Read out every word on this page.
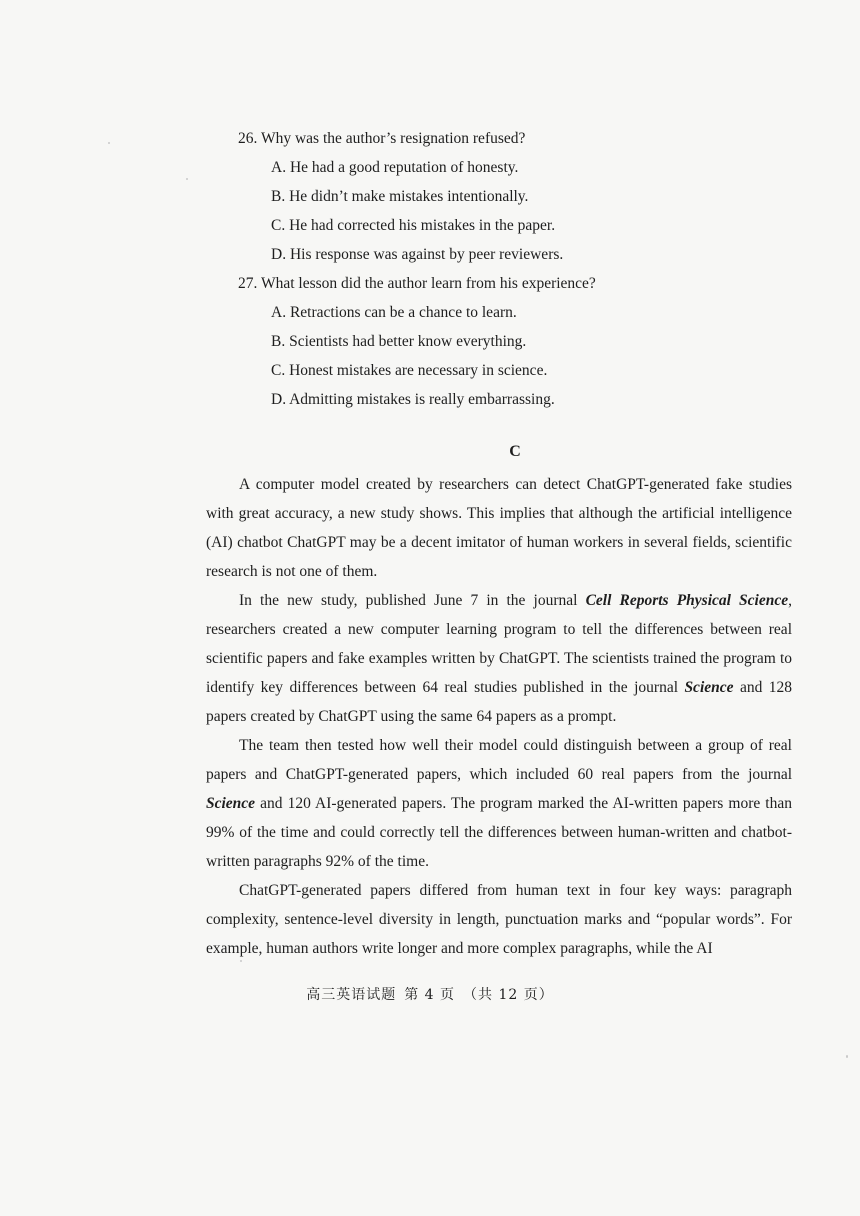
26. Why was the author’s resignation refused?
A. He had a good reputation of honesty.
B. He didn’t make mistakes intentionally.
C. He had corrected his mistakes in the paper.
D. His response was against by peer reviewers.
27. What lesson did the author learn from his experience?
A. Retractions can be a chance to learn.
B. Scientists had better know everything.
C. Honest mistakes are necessary in science.
D. Admitting mistakes is really embarrassing.
C

A computer model created by researchers can detect ChatGPT-generated fake studies with great accuracy, a new study shows. This implies that although the artificial intelligence (AI) chatbot ChatGPT may be a decent imitator of human workers in several fields, scientific research is not one of them.

In the new study, published June 7 in the journal Cell Reports Physical Science, researchers created a new computer learning program to tell the differences between real scientific papers and fake examples written by ChatGPT. The scientists trained the program to identify key differences between 64 real studies published in the journal Science and 128 papers created by ChatGPT using the same 64 papers as a prompt.

The team then tested how well their model could distinguish between a group of real papers and ChatGPT-generated papers, which included 60 real papers from the journal Science and 120 AI-generated papers. The program marked the AI-written papers more than 99% of the time and could correctly tell the differences between human-written and chatbot-written paragraphs 92% of the time.

ChatGPT-generated papers differed from human text in four key ways: paragraph complexity, sentence-level diversity in length, punctuation marks and “popular words”. For example, human authors write longer and more complex paragraphs, while the AI

高三英语试题 第 4 页 （共 12 页）
